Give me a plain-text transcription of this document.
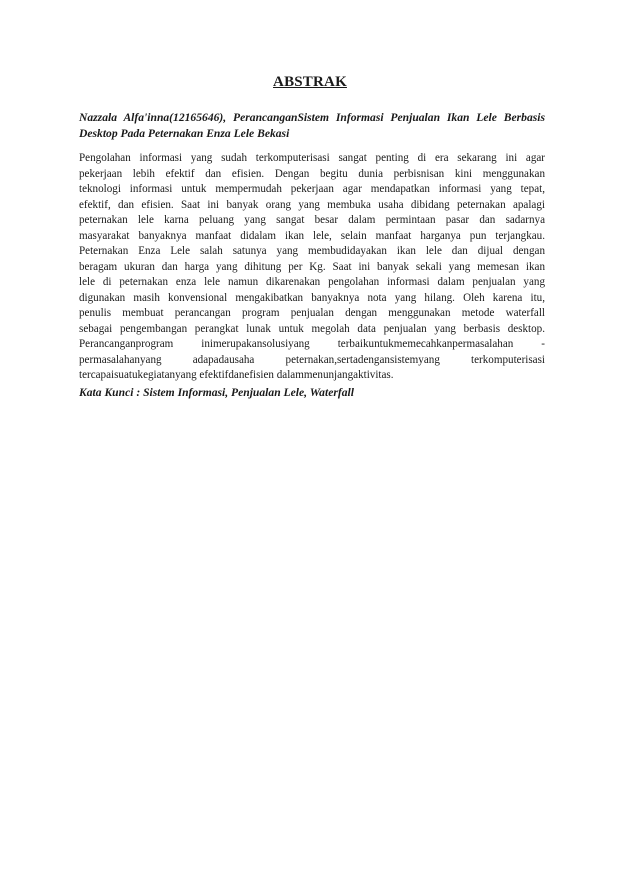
ABSTRAK
Nazzala Alfa'inna(12165646), PerancanganSistem Informasi Penjualan Ikan Lele Berbasis Desktop Pada Peternakan Enza Lele Bekasi
Pengolahan informasi yang sudah terkomputerisasi sangat penting di era sekarang ini agar
pekerjaan lebih efektif dan efisien. Dengan begitu dunia perbisnisan kini menggunakan
teknologi informasi untuk mempermudah pekerjaan agar mendapatkan informasi yang tepat,
efektif, dan efisien. Saat ini banyak orang yang membuka usaha dibidang peternakan apalagi
peternakan lele karna peluang yang sangat besar dalam permintaan pasar dan sadarnya
masyarakat banyaknya manfaat didalam ikan lele, selain manfaat harganya pun terjangkau.
Peternakan Enza Lele salah satunya yang membudidayakan ikan lele dan dijual dengan
beragam ukuran dan harga yang dihitung per Kg. Saat ini banyak sekali yang memesan ikan
lele di peternakan enza lele namun dikarenakan pengolahan informasi dalam penjualan yang
digunakan masih konvensional mengakibatkan banyaknya nota yang hilang. Oleh karena itu,
penulis membuat perancangan program penjualan dengan menggunakan metode waterfall
sebagai pengembangan perangkat lunak untuk megolah data penjualan yang berbasis desktop.
Perancanganprogram inimerupakansolusiyang terbaikuntukmemecahkanpermasalahan -
permasalahanyang adapadausaha peternakan,sertadengansistemyang terkomputerisasi
tercapaisuatukegiatanyang efektifdanefisien dalammenunjangaktivitas.
Kata Kunci : Sistem Informasi, Penjualan Lele, Waterfall
